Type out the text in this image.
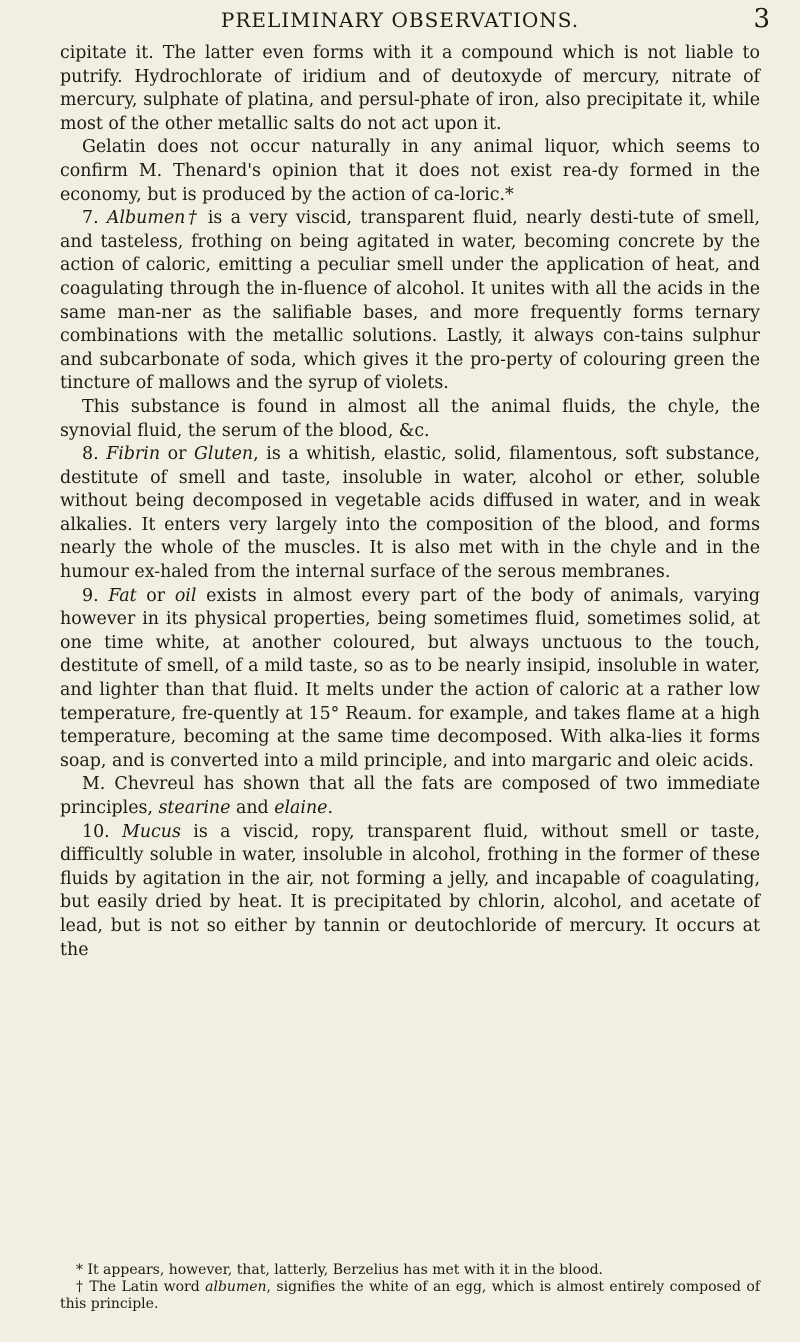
PRELIMINARY OBSERVATIONS.	3

cipitate it. The latter even forms with it a compound which is not liable to putrify. Hydrochlorate of iridium and of deutoxyde of mercury, nitrate of mercury, sulphate of platina, and persul-phate of iron, also precipitate it, while most of the other metallic salts do not act upon it.

Gelatin does not occur naturally in any animal liquor, which seems to confirm M. Thenard's opinion that it does not exist rea-dy formed in the economy, but is produced by the action of ca-loric.*

7. Albumen† is a very viscid, transparent fluid, nearly desti-tute of smell, and tasteless, frothing on being agitated in water, becoming concrete by the action of caloric, emitting a peculiar smell under the application of heat, and coagulating through the in-fluence of alcohol. It unites with all the acids in the same man-ner as the salifiable bases, and more frequently forms ternary combinations with the metallic solutions. Lastly, it always con-tains sulphur and subcarbonate of soda, which gives it the pro-perty of colouring green the tincture of mallows and the syrup of violets.

This substance is found in almost all the animal fluids, the chyle, the synovial fluid, the serum of the blood, &c.

8. Fibrin or Gluten, is a whitish, elastic, solid, filamentous, soft substance, destitute of smell and taste, insoluble in water, alcohol or ether, soluble without being decomposed in vegetable acids diffused in water, and in weak alkalies. It enters very largely into the composition of the blood, and forms nearly the whole of the muscles. It is also met with in the chyle and in the humour ex-haled from the internal surface of the serous membranes.

9. Fat or oil exists in almost every part of the body of animals, varying however in its physical properties, being sometimes fluid, sometimes solid, at one time white, at another coloured, but always unctuous to the touch, destitute of smell, of a mild taste, so as to be nearly insipid, insoluble in water, and lighter than that fluid. It melts under the action of caloric at a rather low temperature, fre-quently at 15° Reaum. for example, and takes flame at a high temperature, becoming at the same time decomposed. With alka-lies it forms soap, and is converted into a mild principle, and into margaric and oleic acids.

M. Chevreul has shown that all the fats are composed of two immediate principles, stearine and elaine.

10. Mucus is a viscid, ropy, transparent fluid, without smell or taste, difficultly soluble in water, insoluble in alcohol, frothing in the former of these fluids by agitation in the air, not forming a jelly, and incapable of coagulating, but easily dried by heat. It is precipitated by chlorin, alcohol, and acetate of lead, but is not so either by tannin or deutochloride of mercury. It occurs at the

* It appears, however, that, latterly, Berzelius has met with it in the blood.

† The Latin word albumen, signifies the white of an egg, which is almost entirely composed of this principle.
